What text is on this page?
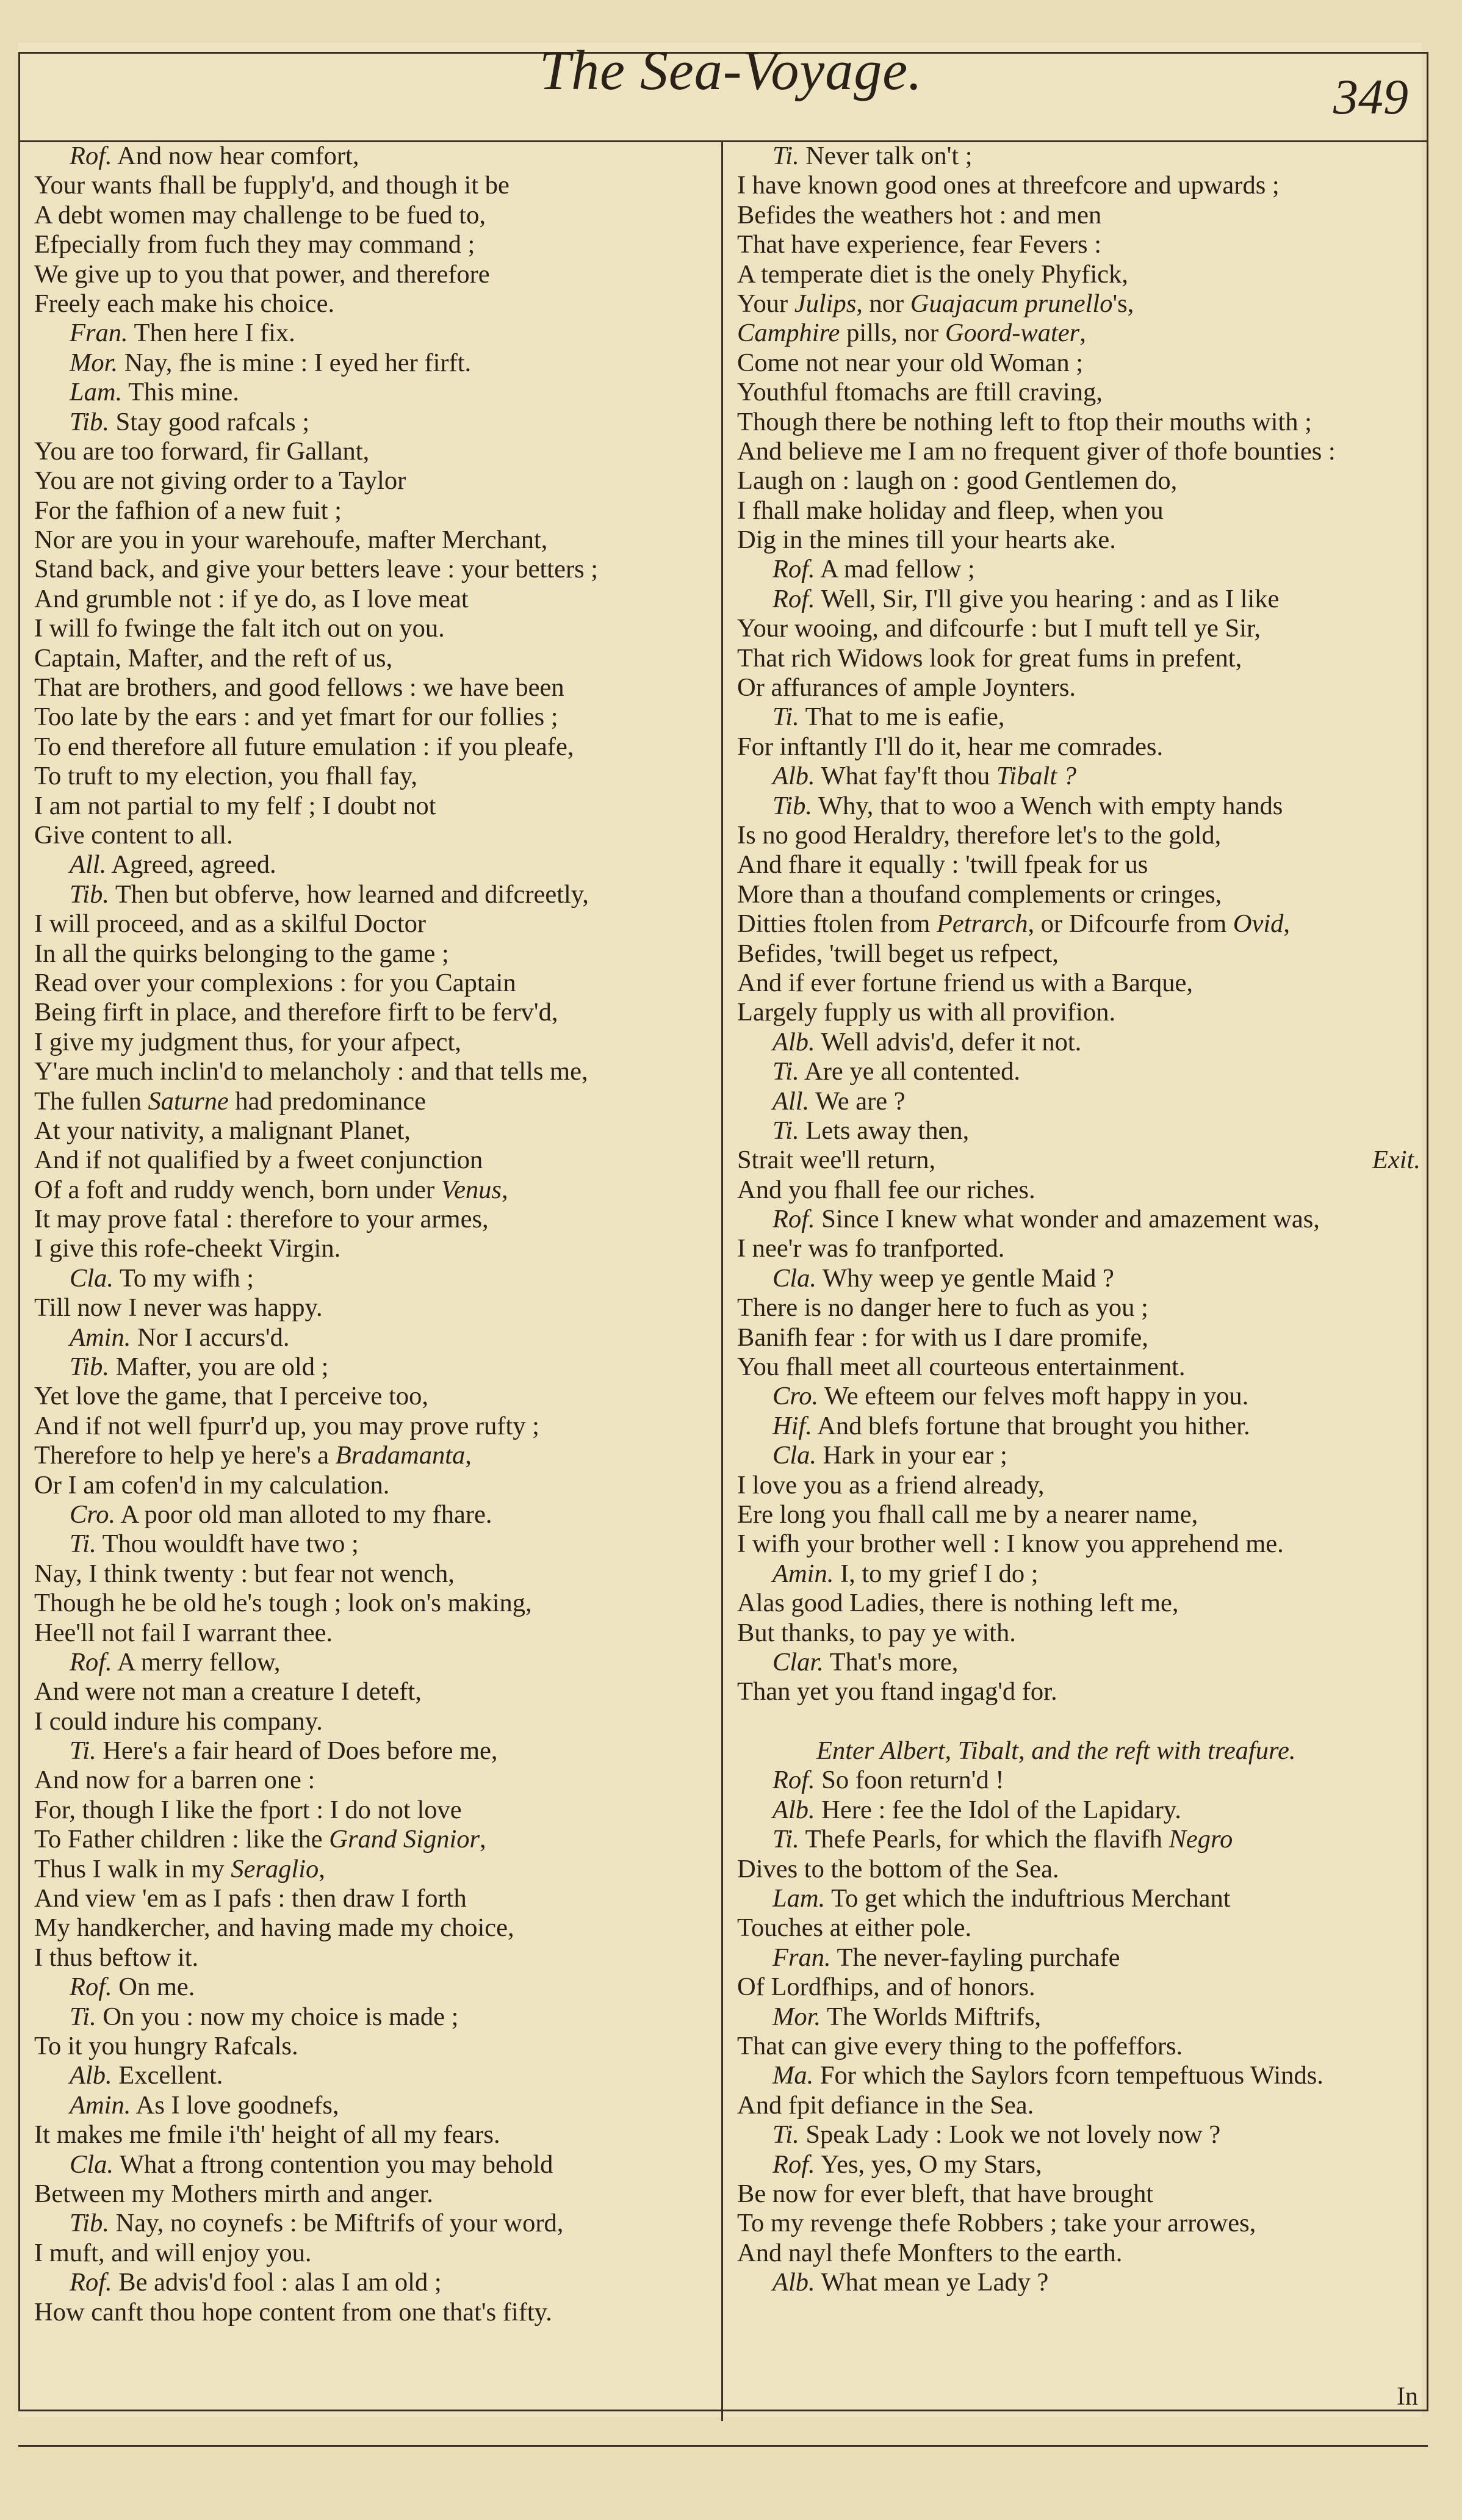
The Sea-Voyage.	349
Rof. And now hear comfort,
Your wants fhall be fupply'd, and though it be
A debt women may challenge to be fued to,
Efpecially from fuch they may command ;
We give up to you that power, and therefore
Freely each make his choice.
Fran. Then here I fix.
Mor. Nay, fhe is mine : I eyed her firft.
Lam. This mine.
Tib. Stay good rafcals ;
You are too forward, fir Gallant,
You are not giving order to a Taylor
For the fafhion of a new fuit ;
Nor are you in your warehoufe, mafter Merchant,
Stand back, and give your betters leave : your betters ;
And grumble not : if ye do, as I love meat
I will fo fwinge the falt itch out on you.
Captain, Mafter, and the reft of us,
That are brothers, and good fellows : we have been
Too late by the ears : and yet fmart for our follies ;
To end therefore all future emulation : if you pleafe,
To truft to my election, you fhall fay,
I am not partial to my felf ; I doubt not
Give content to all.
All. Agreed, agreed.
Tib. Then but obferve, how learned and difcreetly,
I will proceed, and as a skilful Doctor
In all the quirks belonging to the game ;
Read over your complexions : for you Captain
Being firft in place, and therefore firft to be ferv'd,
I give my judgment thus, for your afpect,
Y'are much inclin'd to melancholy : and that tells me,
The fullen Saturne had predominance
At your nativity, a malignant Planet,
And if not qualified by a fweet conjunction
Of a foft and ruddy wench, born under Venus,
It may prove fatal : therefore to your armes,
I give this rofe-cheekt Virgin.
Cla. To my wifh ;
Till now I never was happy.
Amin. Nor I accurs'd.
Tib. Mafter, you are old ;
Yet love the game, that I perceive too,
And if not well fpurr'd up, you may prove rufty ;
Therefore to help ye here's a Bradamanta,
Or I am cofen'd in my calculation.
Cro. A poor old man alloted to my fhare.
Ti. Thou wouldft have two ;
Nay, I think twenty : but fear not wench,
Though he be old he's tough ; look on's making,
Hee'll not fail I warrant thee.
Rof. A merry fellow,
And were not man a creature I deteft,
I could indure his company.
Ti. Here's a fair heard of Does before me,
And now for a barren one :
For, though I like the fport : I do not love
To Father children : like the Grand Signior,
Thus I walk in my Seraglio,
And view 'em as I pafs : then draw I forth
My handkercher, and having made my choice,
I thus beftow it.
Rof. On me.
Ti. On you : now my choice is made ;
To it you hungry Rafcals.
Alb. Excellent.
Amin. As I love goodnefs,
It makes me fmile i'th' height of all my fears.
Cla. What a ftrong contention you may behold
Between my Mothers mirth and anger.
Tib. Nay, no coynefs : be Miftrifs of your word,
I muft, and will enjoy you.
Rof. Be advis'd fool : alas I am old ;
How canft thou hope content from one that's fifty.
Ti. Never talk on't ;
I have known good ones at threefcore and upwards ;
Befides the weathers hot : and men
That have experience, fear Fevers :
A temperate diet is the onely Phyfick,
Your Julips, nor Guajacum prunello's,
Camphire pills, nor Goord-water,
Come not near your old Woman ;
Youthful ftomachs are ftill craving,
Though there be nothing left to ftop their mouths with ;
And believe me I am no frequent giver of thofe bounties :
Laugh on : laugh on : good Gentlemen do,
I fhall make holiday and fleep, when you
Dig in the mines till your hearts ake.
Rof. A mad fellow ;
Rof. Well, Sir, I'll give you hearing : and as I like
Your wooing, and difcourfe : but I muft tell ye Sir,
That rich Widows look for great fums in prefent,
Or affurances of ample Joynters.
Ti. That to me is eafie,
For inftantly I'll do it, hear me comrades.
Alb. What fay'ft thou Tibalt ?
Tib. Why, that to woo a Wench with empty hands
Is no good Heraldry, therefore let's to the gold,
And fhare it equally : 'twill fpeak for us
More than a thoufand complements or cringes,
Ditties ftolen from Petrarch, or Difcourfe from Ovid,
Befides, 'twill beget us refpect,
And if ever fortune friend us with a Barque,
Largely fupply us with all provifion.
Alb. Well advis'd, defer it not.
Ti. Are ye all contented.
All. We are ?
Ti. Lets away then,
Strait wee'll return,	Exit.
And you fhall fee our riches.
Rof. Since I knew what wonder and amazement was,
I nee'r was fo tranfported.
Cla. Why weep ye gentle Maid ?
There is no danger here to fuch as you ;
Banifh fear : for with us I dare promife,
You fhall meet all courteous entertainment.
Cro. We efteem our felves moft happy in you.
Hif. And blefs fortune that brought you hither.
Cla. Hark in your ear ;
I love you as a friend already,
Ere long you fhall call me by a nearer name,
I wifh your brother well : I know you apprehend me.
Amin. I, to my grief I do ;
Alas good Ladies, there is nothing left me,
But thanks, to pay ye with.
Clar. That's more,
Than yet you ftand ingag'd for.
Enter Albert, Tibalt, and the reft with treafure.
Rof. So foon return'd !
Alb. Here : fee the Idol of the Lapidary.
Ti. Thefe Pearls, for which the flavifh Negro
Dives to the bottom of the Sea.
Lam. To get which the induftrious Merchant
Touches at either pole.
Fran. The never-fayling purchafe
Of Lordfhips, and of honors.
Mor. The Worlds Miftrifs,
That can give every thing to the poffeffors.
Ma. For which the Saylors fcorn tempeftuous Winds.
And fpit defiance in the Sea.
Ti. Speak Lady : Look we not lovely now ?
Rof. Yes, yes, O my Stars,
Be now for ever bleft, that have brought
To my revenge thefe Robbers ; take your arrowes,
And nayl thefe Monfters to the earth.
Alb. What mean ye Lady ?
In
